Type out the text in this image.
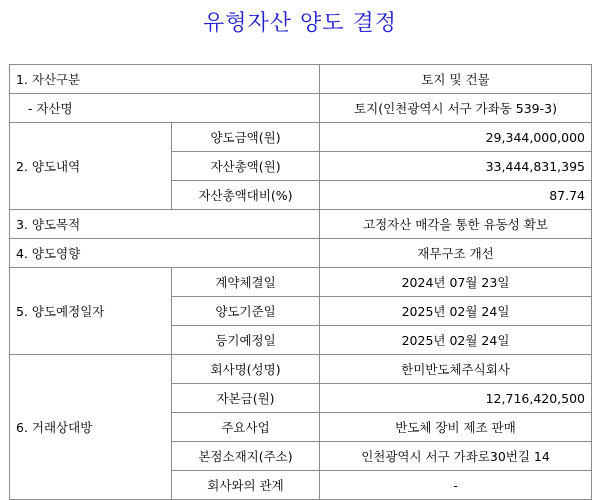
유형자산 양도 결정
1. 자산구분		토지 및 건물
- 자산명		토지(인천광역시 서구 가좌동 539-3)
2. 양도내역	양도금액(원)	29,344,000,000
	자산총액(원)	33,444,831,395
	자산총액대비(%)	87.74
3. 양도목적		고정자산 매각을 통한 유동성 확보
4. 양도영향		재무구조 개선
5. 양도예정일자	계약체결일	2024년 07월 23일
	양도기준일	2025년 02월 24일
	등기예정일	2025년 02월 24일
6. 거래상대방	회사명(성명)	한미반도체주식회사
	자본금(원)	12,716,420,500
	주요사업	반도체 장비 제조 판매
	본점소재지(주소)	인천광역시 서구 가좌로30번길 14
	회사와의 관계	-
